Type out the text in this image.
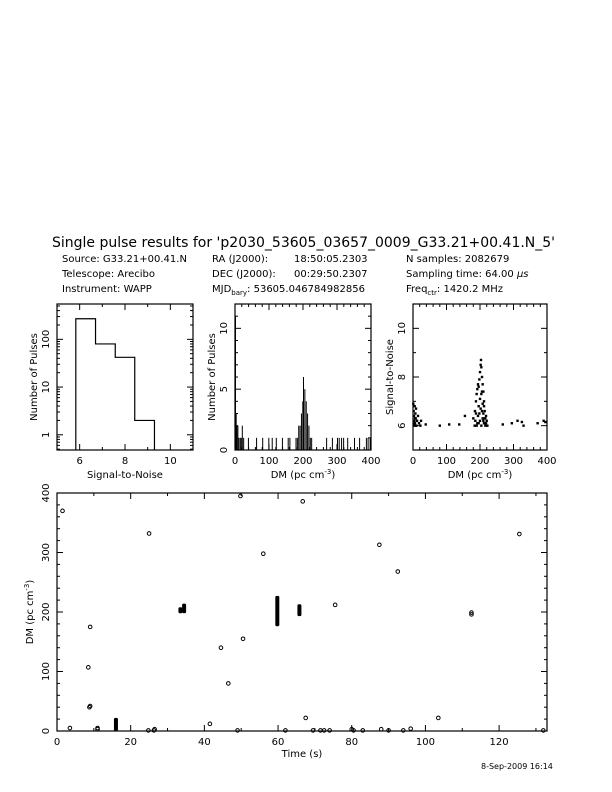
Single pulse results for 'p2030_53605_03657_0009_G33.21+00.41.N_5'
Source: G33.21+00.41.N
Telescope: Arecibo
Instrument: WAPP
RA (J2000):	18:50:05.2303
DEC (J2000): 00:29:50.2307
$MJD_{bary}$: 53605.046784982856
N samples: 2082679
Sampling time: 64.00 μs
Freq$_{ctr}$: 1420.2 MHz
6	8	10
1
10
100
Signal-to-Noise
Number of Pulses
0 100 200 300 400
0
5
10
DM (pc $cm^{-3}$)
Number of Pulses
0 100 200 300 400
6
8
10
DM (pc $cm^{-3}$)
Signal-to-Noise
0	20	40	60	80	100	120
0
100
200
300
400
Time (s)
DM (pc $cm^{-3}$)
8-Sep-2009 16:14
